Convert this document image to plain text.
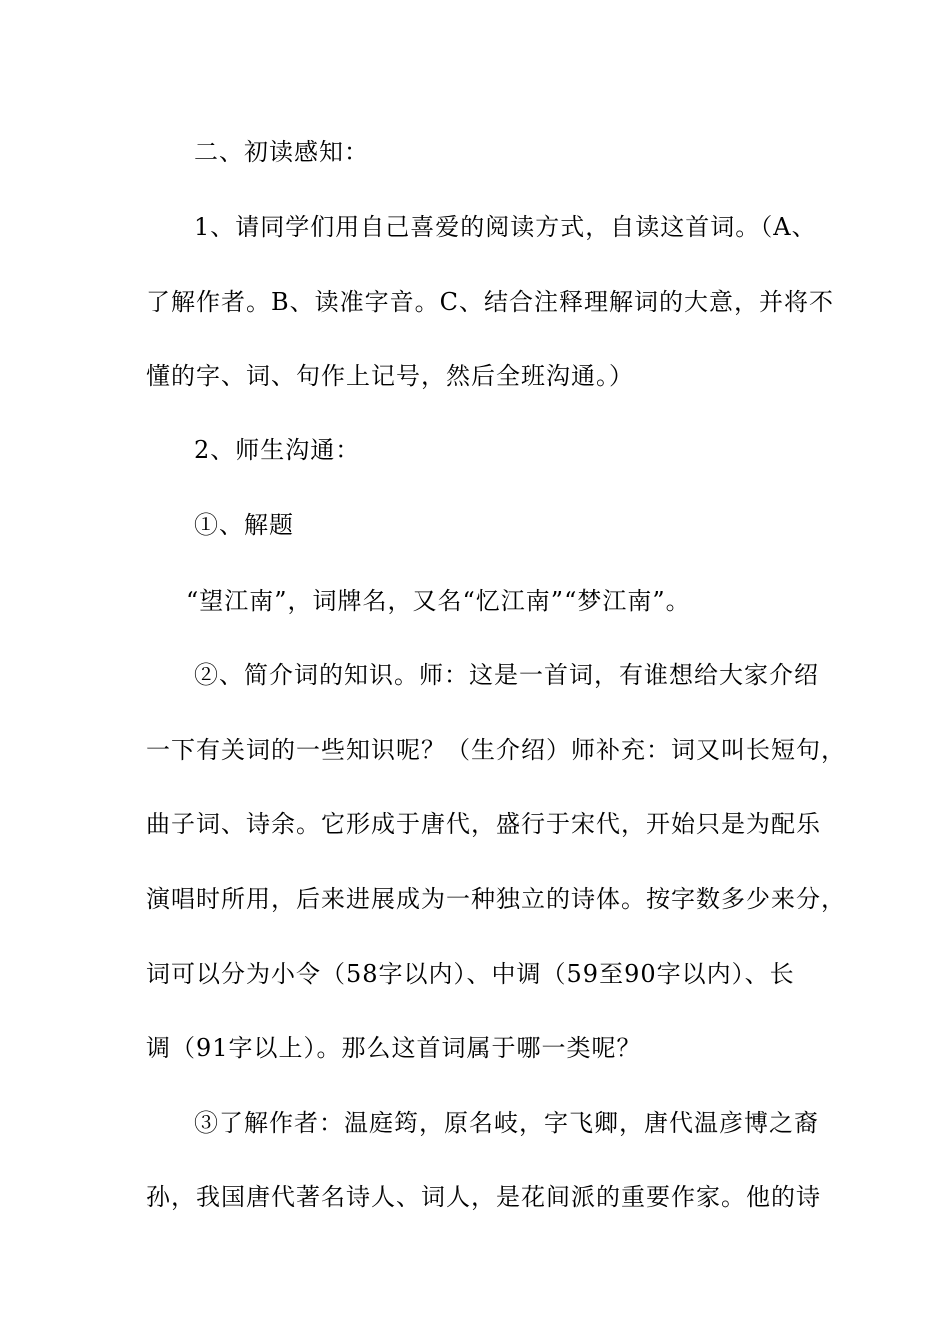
二、初读感知：
1、请同学们用自己喜爱的阅读方式，自读这首词。（A、
了解作者。B、读准字音。C、结合注释理解词的大意，并将不
懂的字、词、句作上记号，然后全班沟通。）
2、师生沟通：
①、解题
“望江南”，词牌名，又名“忆江南”“梦江南”。
②、简介词的知识。师：这是一首词，有谁想给大家介绍
一下有关词的一些知识呢？（生介绍）师补充：词又叫长短句，
曲子词、诗余。它形成于唐代，盛行于宋代，开始只是为配乐
演唱时所用，后来进展成为一种独立的诗体。按字数多少来分，
词可以分为小令（58字以内）、中调（59至90字以内）、长
调（91字以上）。那么这首词属于哪一类呢？
③了解作者：温庭筠，原名岐，字飞卿，唐代温彦博之裔
孙，我国唐代著名诗人、词人，是花间派的重要作家。他的诗
